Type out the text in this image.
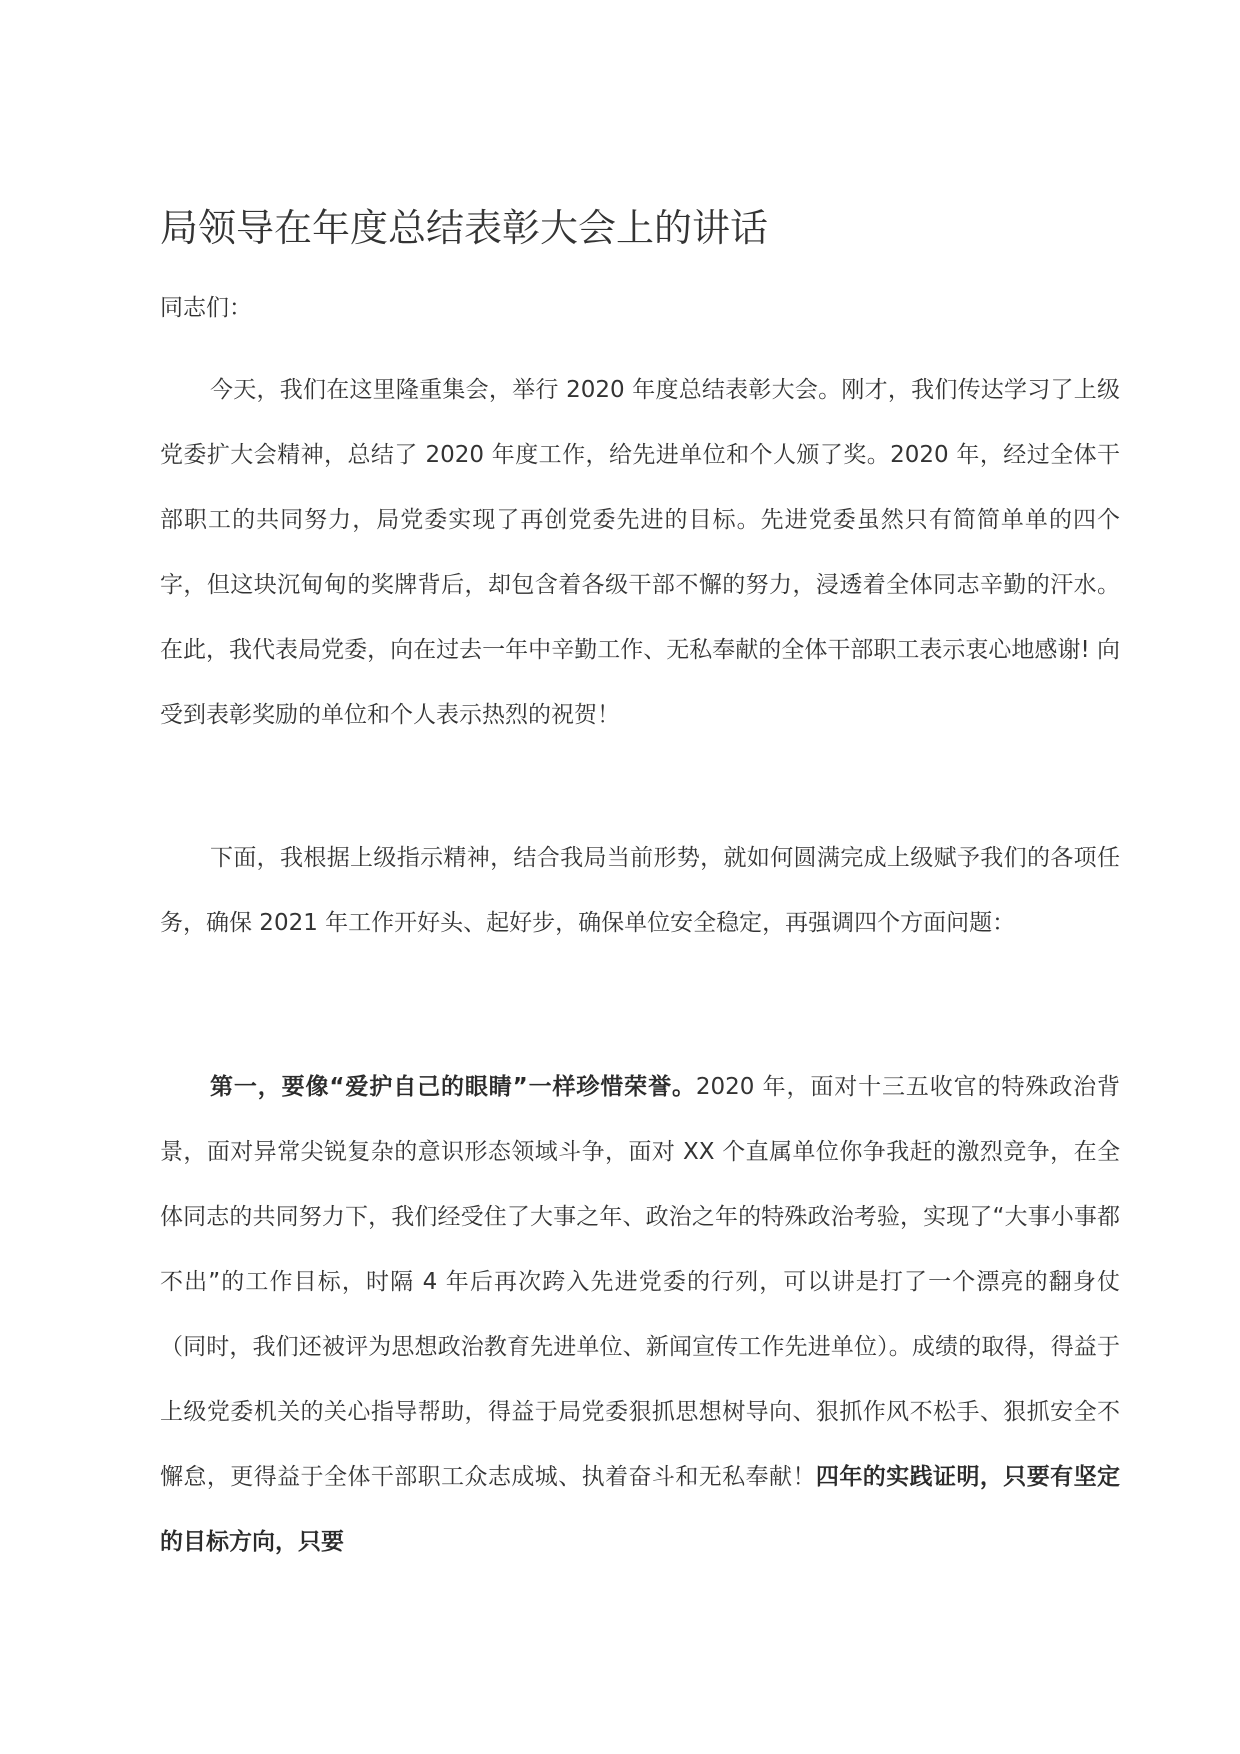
局领导在年度总结表彰大会上的讲话

同志们：

今天，我们在这里隆重集会，举行 2020 年度总结表彰大会。刚才，我们传达学习了上级党委扩大会精神，总结了 2020 年度工作，给先进单位和个人颁了奖。2020 年，经过全体干部职工的共同努力，局党委实现了再创党委先进的目标。先进党委虽然只有简简单单的四个字，但这块沉甸甸的奖牌背后，却包含着各级干部不懈的努力，浸透着全体同志辛勤的汗水。在此，我代表局党委，向在过去一年中辛勤工作、无私奉献的全体干部职工表示衷心地感谢! 向受到表彰奖励的单位和个人表示热烈的祝贺！

下面，我根据上级指示精神，结合我局当前形势，就如何圆满完成上级赋予我们的各项任务，确保 2021 年工作开好头、起好步，确保单位安全稳定，再强调四个方面问题：

第一，要像“爱护自己的眼睛”一样珍惜荣誉。2020 年，面对十三五收官的特殊政治背景，面对异常尖锐复杂的意识形态领域斗争，面对 XX 个直属单位你争我赶的激烈竞争，在全体同志的共同努力下，我们经受住了大事之年、政治之年的特殊政治考验，实现了“大事小事都不出”的工作目标，时隔 4 年后再次跨入先进党委的行列，可以讲是打了一个漂亮的翻身仗（同时，我们还被评为思想政治教育先进单位、新闻宣传工作先进单位）。成绩的取得，得益于上级党委机关的关心指导帮助，得益于局党委狠抓思想树导向、狠抓作风不松手、狠抓安全不懈怠，更得益于全体干部职工众志成城、执着奋斗和无私奉献！四年的实践证明，只要有坚定的目标方向，只要
